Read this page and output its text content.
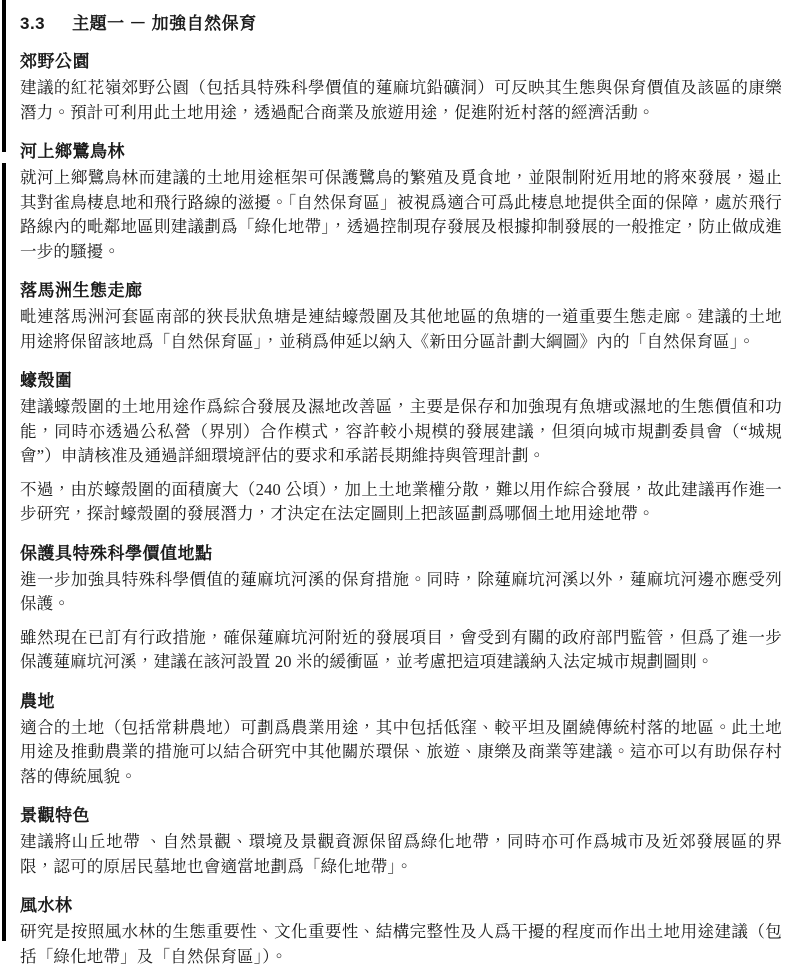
3.3 主題一 － 加強自然保育
郊野公園

建議的紅花嶺郊野公園（包括具特殊科學價值的蓮麻坑鉛礦洞）可反映其生態與保育價值及該區的康樂潛力。預計可利用此土地用途，透過配合商業及旅遊用途，促進附近村落的經濟活動。

河上鄉鷺鳥林

就河上鄉鷺鳥林而建議的土地用途框架可保護鷺鳥的繁殖及覓食地，並限制附近用地的將來發展，遏止其對雀鳥棲息地和飛行路線的滋擾。「自然保育區」被視爲適合可爲此棲息地提供全面的保障，處於飛行路線內的毗鄰地區則建議劃爲「綠化地帶」，透過控制現存發展及根據抑制發展的一般推定，防止做成進一步的騷擾。

落馬洲生態走廊

毗連落馬洲河套區南部的狹長狀魚塘是連結蠔殼圍及其他地區的魚塘的一道重要生態走廊。建議的土地用途將保留該地爲「自然保育區」，並稍爲伸延以納入《新田分區計劃大綱圖》內的「自然保育區」。

蠔殼圍

建議蠔殼圍的土地用途作爲綜合發展及濕地改善區，主要是保存和加強現有魚塘或濕地的生態價值和功能，同時亦透過公私營（界別）合作模式，容許較小規模的發展建議，但須向城市規劃委員會（“城規會”）申請核准及通過詳細環境評估的要求和承諾長期維持與管理計劃。

不過，由於蠔殼圍的面積廣大（240 公頃），加上土地業權分散，難以用作綜合發展，故此建議再作進一步研究，探討蠔殼圍的發展潛力，才決定在法定圖則上把該區劃爲哪個土地用途地帶。

保護具特殊科學價值地點

進一步加強具特殊科學價值的蓮麻坑河溪的保育措施。同時，除蓮麻坑河溪以外，蓮麻坑河邊亦應受列保護。

雖然現在已訂有行政措施，確保蓮麻坑河附近的發展項目，會受到有關的政府部門監管，但爲了進一步保護蓮麻坑河溪，建議在該河設置 20 米的緩衝區，並考慮把這項建議納入法定城市規劃圖則。

農地

適合的土地（包括常耕農地）可劃爲農業用途，其中包括低窪、較平坦及圍繞傳統村落的地區。此土地用途及推動農業的措施可以結合研究中其他關於環保、旅遊、康樂及商業等建議。這亦可以有助保存村落的傳統風貌。

景觀特色

建議將山丘地帶 、自然景觀、環境及景觀資源保留爲綠化地帶，同時亦可作爲城市及近郊發展區的界限，認可的原居民墓地也會適當地劃爲「綠化地帶」。

風水林

研究是按照風水林的生態重要性、文化重要性、結構完整性及人爲干擾的程度而作出土地用途建議（包括「綠化地帶」及「自然保育區」）。
